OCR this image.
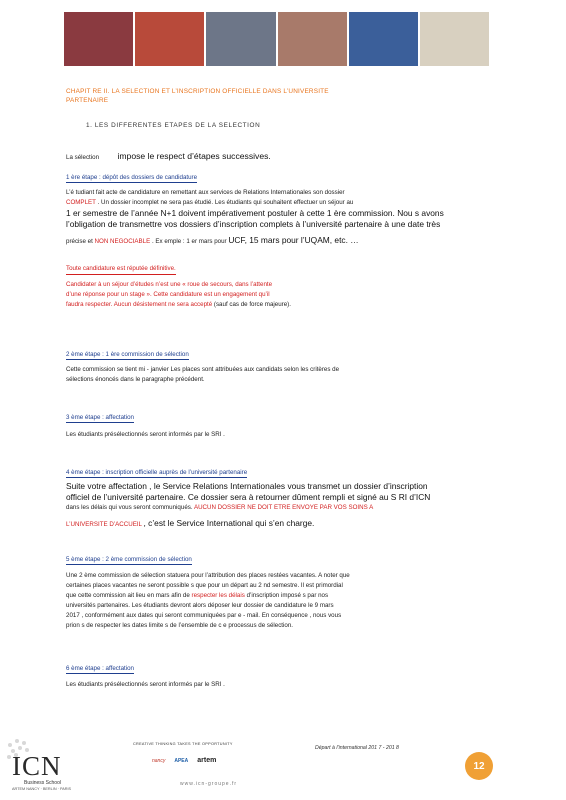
CHAPIT RE II. LA SELECTION ET L’INSCRIPTION OFFICIELLE DANS L’UNIVERSITE
PARTENAIRE
1. LES DIFFERENTES ETAPES DE LA SELECTION
La sélection impose le respect d’étapes successives.
1 ère étape : dépôt des dossiers de candidature
L’é tudiant fait acte de candidature en remettant aux services de Relations Internationales son dossier
COMPLET . Un dossier incomplet ne sera pas étudié. Les étudiants qui souhaitent effectuer un séjour au
1 er semestre de l’année N+1 doivent impérativement postuler à cette 1 ère commission. Nou s avons
l’obligation de transmettre vos dossiers d’inscription complets à l’université partenaire à une date très
précise et NON NEGOCIABLE . Ex emple : 1 er mars pour UCF, 15 mars pour l’UQAM, etc. …
Toute candidature est réputée définitive.
Candidater à un séjour d’études n’est une « roue de secours, dans l’attente
d’une réponse pour un stage ». Cette candidature est un engagement qu’il
faudra respecter. Aucun désistement ne sera accepté (sauf cas de force majeure).
2 ème étape : 1 ère commission de sélection
Cette commission se tient mi - janvier Les places sont attribuées aux candidats selon les critères de
sélections énoncés dans le paragraphe précédent.
3 ème étape : affectation
Les étudiants présélectionnés seront informés par le SRI .
4 ème étape : inscription officielle auprès de l’université partenaire
Suite votre affectation , le Service Relations Internationales vous transmet un dossier d’inscription
officiel de l’université partenaire. Ce dossier sera à retourner dûment rempli et signé au S RI d’ICN
dans les délais qui vous seront communiqués. AUCUN DOSSIER NE DOIT ETRE ENVOYE PAR VOS SOINS A
L’UNIVERSITE D’ACCUEIL , c’est le Service International qui s’en charge.
5 ème étape : 2 ème commission de sélection
Une 2 ème commission de sélection statuera pour l’attribution des places restées vacantes. A noter que
certaines places vacantes ne seront possible s que pour un départ au 2 nd semestre. Il est primordial
que cette commission ait lieu en mars afin de respecter les délais d’inscription imposé s par nos
universités partenaires. Les étudiants devront alors déposer leur dossier de candidature le 9 mars
2017 , conformément aux dates qui seront communiquées par e - mail. En conséquence , nous vous
prion s de respecter les dates limite s de l’ensemble de c e processus de sélection.
6 ème étape : affectation
Les étudiants présélectionnés seront informés par le SRI .
ICN
Business School
ARTEM NANCY · BERLIN · PARIS
CREATIVE THINKING TAKES THE OPPORTUNITY
nancy APEA artem
www.icn-groupe.fr
Départ à l’international 201 7 - 201 8
12
